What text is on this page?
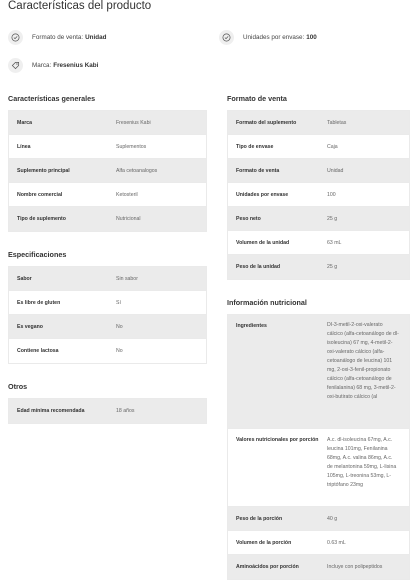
Características del producto
Formato de venta: Unidad	Unidades por envase: 100
Marca: Fresenius Kabi
Características generales
Marca	Fresenius Kabi
Línea	Suplementos
Suplemento principal	Alfa cetoanalogos
Nombre comercial	Ketosteril
Tipo de suplemento	Nutricional
Especificaciones
Sabor	Sin sabor
Es libre de gluten	Sí
Es vegano	No
Contiene lactosa	No
Otros
Edad mínima recomendada	18 años
Formato de venta
Formato del suplemento	Tabletas
Tipo de envase	Caja
Formato de venta	Unidad
Unidades por envase	100
Peso neto	25 g
Volumen de la unidad	63 mL
Peso de la unidad	25 g
Información nutricional
Ingredientes	DI-3-metil-2-oxi-valerato cálcico (alfa-cetoanálogo de dl-isoleucina) 67 mg, 4-metil-2-oxi-valerato cálcico (alfa-cetoanálogo de leucina) 101 mg, 2-oxi-3-fenil-propionato cálcico (alfa-cetoanálogo de fenilalanina) 68 mg, 3-metil-2-oxi-butirato cálcico (al
Valores nutricionales por porción	A.c. dl-isoleucina 67mg, A.c. leucina 101mg, Fenilanina 68mg, A.c. valina 86mg, A.c. de melantonina 59mg, L-lisina 105mg, L-treonina 53mg, L-triptófano 23mg
Peso de la porción	40 g
Volumen de la porción	0.63 mL
Aminoácidos por porción	Incluye con polipeptidos
